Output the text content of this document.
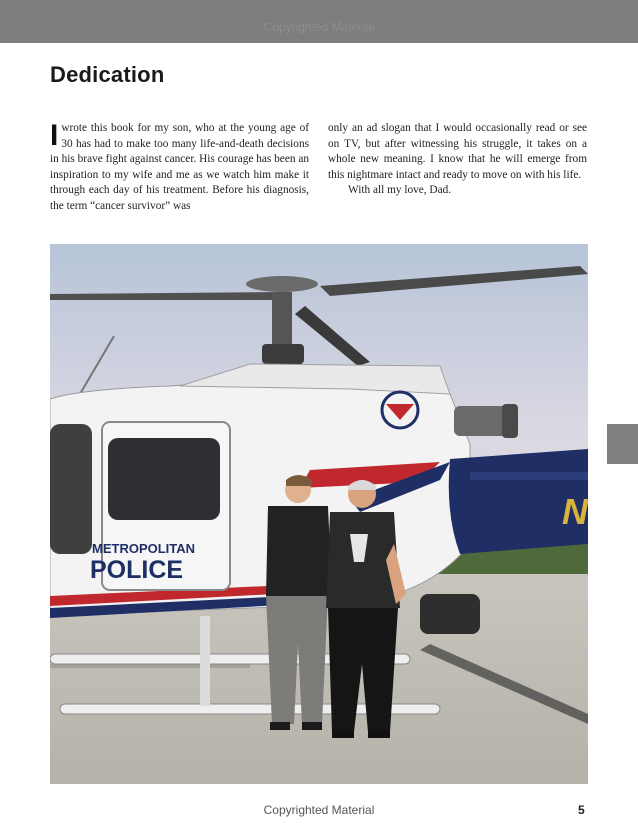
Copyrighted Material
Dedication

Iwrote this book for my son, who at the young age of 30 has had to make too many life-and-death decisions in his brave fight against cancer. His courage has been an inspiration to my wife and me as we watch him make it through each day of his treatment. Before his diagnosis, the term “cancer survivor” was

only an ad slogan that I would occasionally read or see on TV, but after witnessing his struggle, it takes on a whole new meaning. I know that he will emerge from this nightmare intact and ready to move on with his life.
With all my love, Dad.

N
METROPOLITAN
POLICE
Copyrighted Material	5
